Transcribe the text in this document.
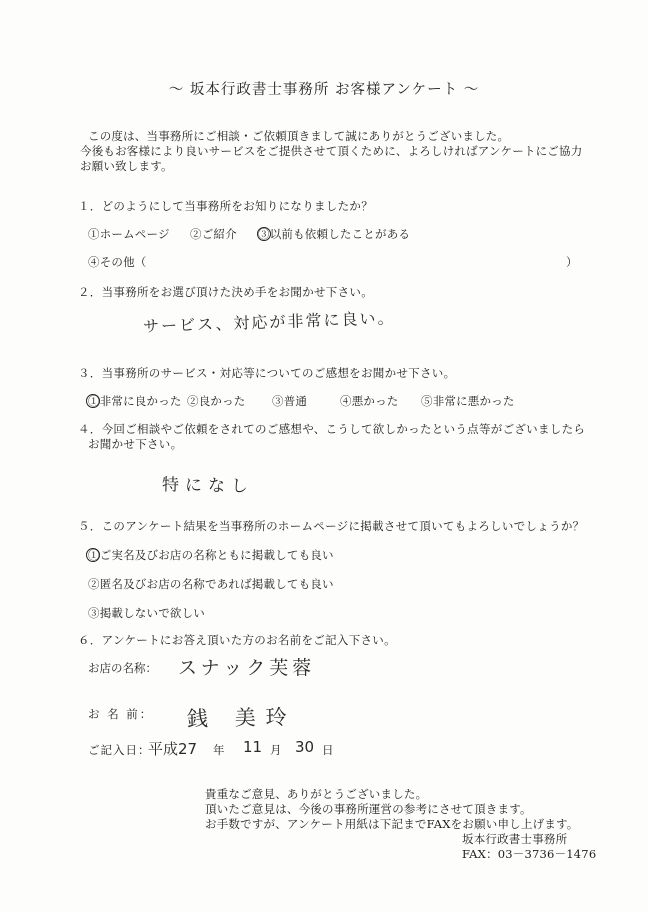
～ 坂本行政書士事務所 お客様アンケート ～
この度は、当事務所にご相談・ご依頼頂きまして誠にありがとうございました。
今後もお客様により良いサービスをご提供させて頂くために、よろしければアンケートにご協力
お願い致します。
１．どのようにして当事務所をお知りになりましたか？
①ホームページ ②ご紹介 ③以前も依頼したことがある
④その他（	）
２．当事務所をお選び頂けた決め手をお聞かせ下さい。
サービス、対応が非常に良い。
３．当事務所のサービス・対応等についてのご感想をお聞かせ下さい。
①非常に良かった ②良かった ③普通	④悪かった ⑤非常に悪かった
４．今回ご相談やご依頼をされてのご感想や、こうして欲しかったという点等がございましたら
お聞かせ下さい。
特になし
５．このアンケート結果を当事務所のホームページに掲載させて頂いてもよろしいでしょうか？
①ご実名及びお店の名称ともに掲載しても良い
②匿名及びお店の名称であれば掲載しても良い
③掲載しないで欲しい
６．アンケートにお答え頂いた方のお名前をご記入下さい。
お店の名称： スナック芙蓉
お 名 前： 銭 美玲
ご記入日：
平成27 年 11 月 30 日
貴重なご意見、ありがとうございました。
頂いたご意見は、今後の事務所運営の参考にさせて頂きます。
お手数ですが、アンケート用紙は下記までFAXをお願い申し上げます。
坂本行政書士事務所
FAX：03－3736－1476
